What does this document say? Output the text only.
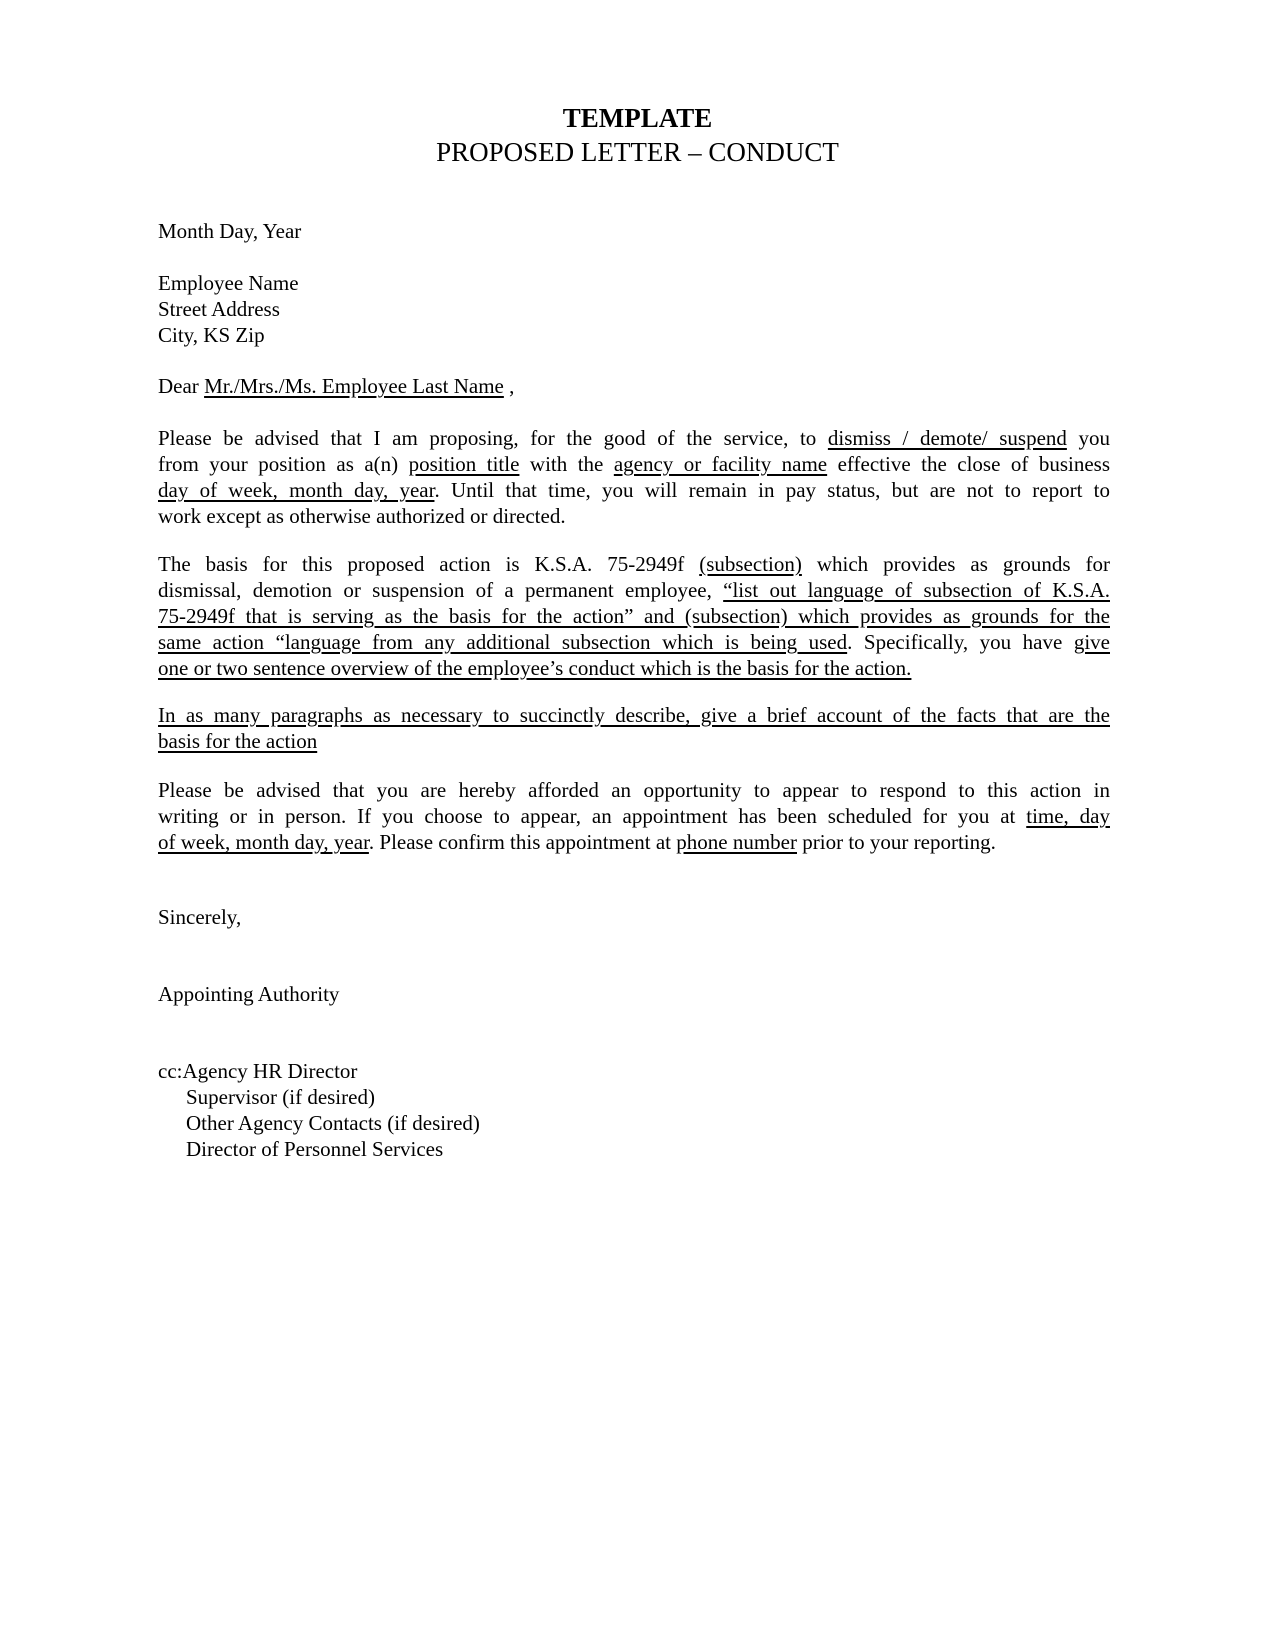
TEMPLATE
PROPOSED LETTER – CONDUCT
Month Day, Year
Employee Name
Street Address
City, KS Zip
Dear Mr./Mrs./Ms. Employee Last Name ,
Please be advised that I am proposing, for the good of the service, to dismiss / demote/ suspend you
from your position as a(n) position title with the agency or facility name effective the close of business
day of week, month day, year. Until that time, you will remain in pay status, but are not to report to
work except as otherwise authorized or directed.
The basis for this proposed action is K.S.A. 75-2949f (subsection) which provides as grounds for
dismissal, demotion or suspension of a permanent employee, “list out language of subsection of K.S.A.
75-2949f that is serving as the basis for the action” and (subsection) which provides as grounds for the
same action “language from any additional subsection which is being used. Specifically, you have give
one or two sentence overview of the employee’s conduct which is the basis for the action.
In as many paragraphs as necessary to succinctly describe, give a brief account of the facts that are the
basis for the action
Please be advised that you are hereby afforded an opportunity to appear to respond to this action in
writing or in person. If you choose to appear, an appointment has been scheduled for you at time, day
of week, month day, year. Please confirm this appointment at phone number prior to your reporting.
Sincerely,
Appointing Authority
cc:Agency HR Director
Supervisor (if desired)
Other Agency Contacts (if desired)
Director of Personnel Services
